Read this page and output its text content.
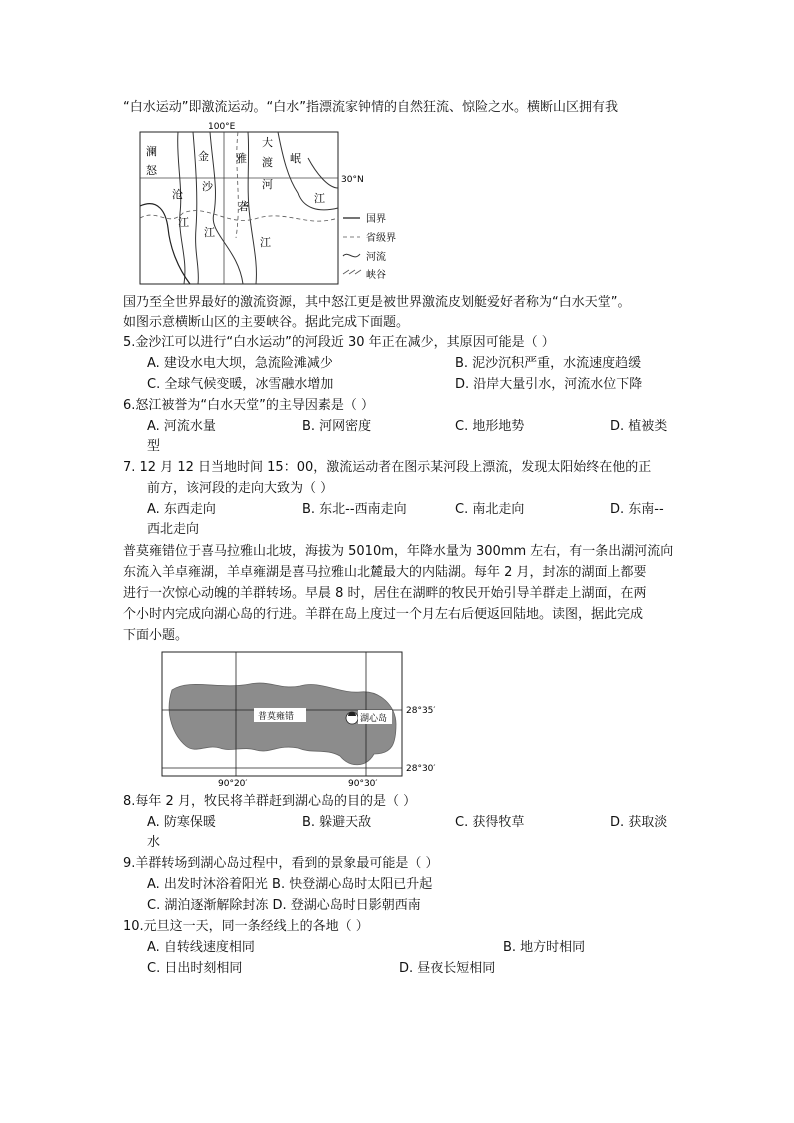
“白水运动”即激流运动。“白水”指漂流家钟情的自然狂流、惊险之水。横断山区拥有我
100°E
30°N
澜
怒
金
大
雅 渡 岷
沧
沙
砻
河
江
江
江
江
国界
省级界
河流
峡谷
国乃至全世界最好的激流资源，其中怒江更是被世界激流皮划艇爱好者称为“白水天堂”。
如图示意横断山区的主要峡谷。据此完成下面题。
5.金沙江可以进行“白水运动”的河段近 30 年正在减少，其原因可能是（ ）
A. 建设水电大坝，急流险滩减少	B. 泥沙沉积严重，水流速度趋缓
C. 全球气候变暖，冰雪融水增加	D. 沿岸大量引水，河流水位下降
6.怒江被誉为“白水天堂”的主导因素是（ ）
A. 河流水量	B. 河网密度	C. 地形地势	D. 植被类
型
7. 12 月 12 日当地时间 15：00，激流运动者在图示某河段上漂流，发现太阳始终在他的正
前方，该河段的走向大致为（ ）
A. 东西走向	B. 东北--西南走向	C. 南北走向	D. 东南--
西北走向
普莫雍错位于喜马拉雅山北坡，海拔为 5010m，年降水量为 300mm 左右，有一条出湖河流向
东流入羊卓雍湖，羊卓雍湖是喜马拉雅山北麓最大的内陆湖。每年 2 月，封冻的湖面上都要
进行一次惊心动魄的羊群转场。早晨 8 时，居住在湖畔的牧民开始引导羊群走上湖面，在两
个小时内完成向湖心岛的行进。羊群在岛上度过一个月左右后便返回陆地。读图，据此完成
下面小题。
普莫雍错	湖心岛
28°35′
28°30′
90°20′	90°30′
8.每年 2 月，牧民将羊群赶到湖心岛的目的是（ ）
A. 防寒保暖	B. 躲避天敌	C. 获得牧草	D. 获取淡
水
9.羊群转场到湖心岛过程中，看到的景象最可能是（ ）
A. 出发时沐浴着阳光 B. 快登湖心岛时太阳已升起
C. 湖泊逐渐解除封冻 D. 登湖心岛时日影朝西南
10.元旦这一天，同一条经线上的各地（ ）
A. 自转线速度相同	B. 地方时相同
C. 日出时刻相同	D. 昼夜长短相同
